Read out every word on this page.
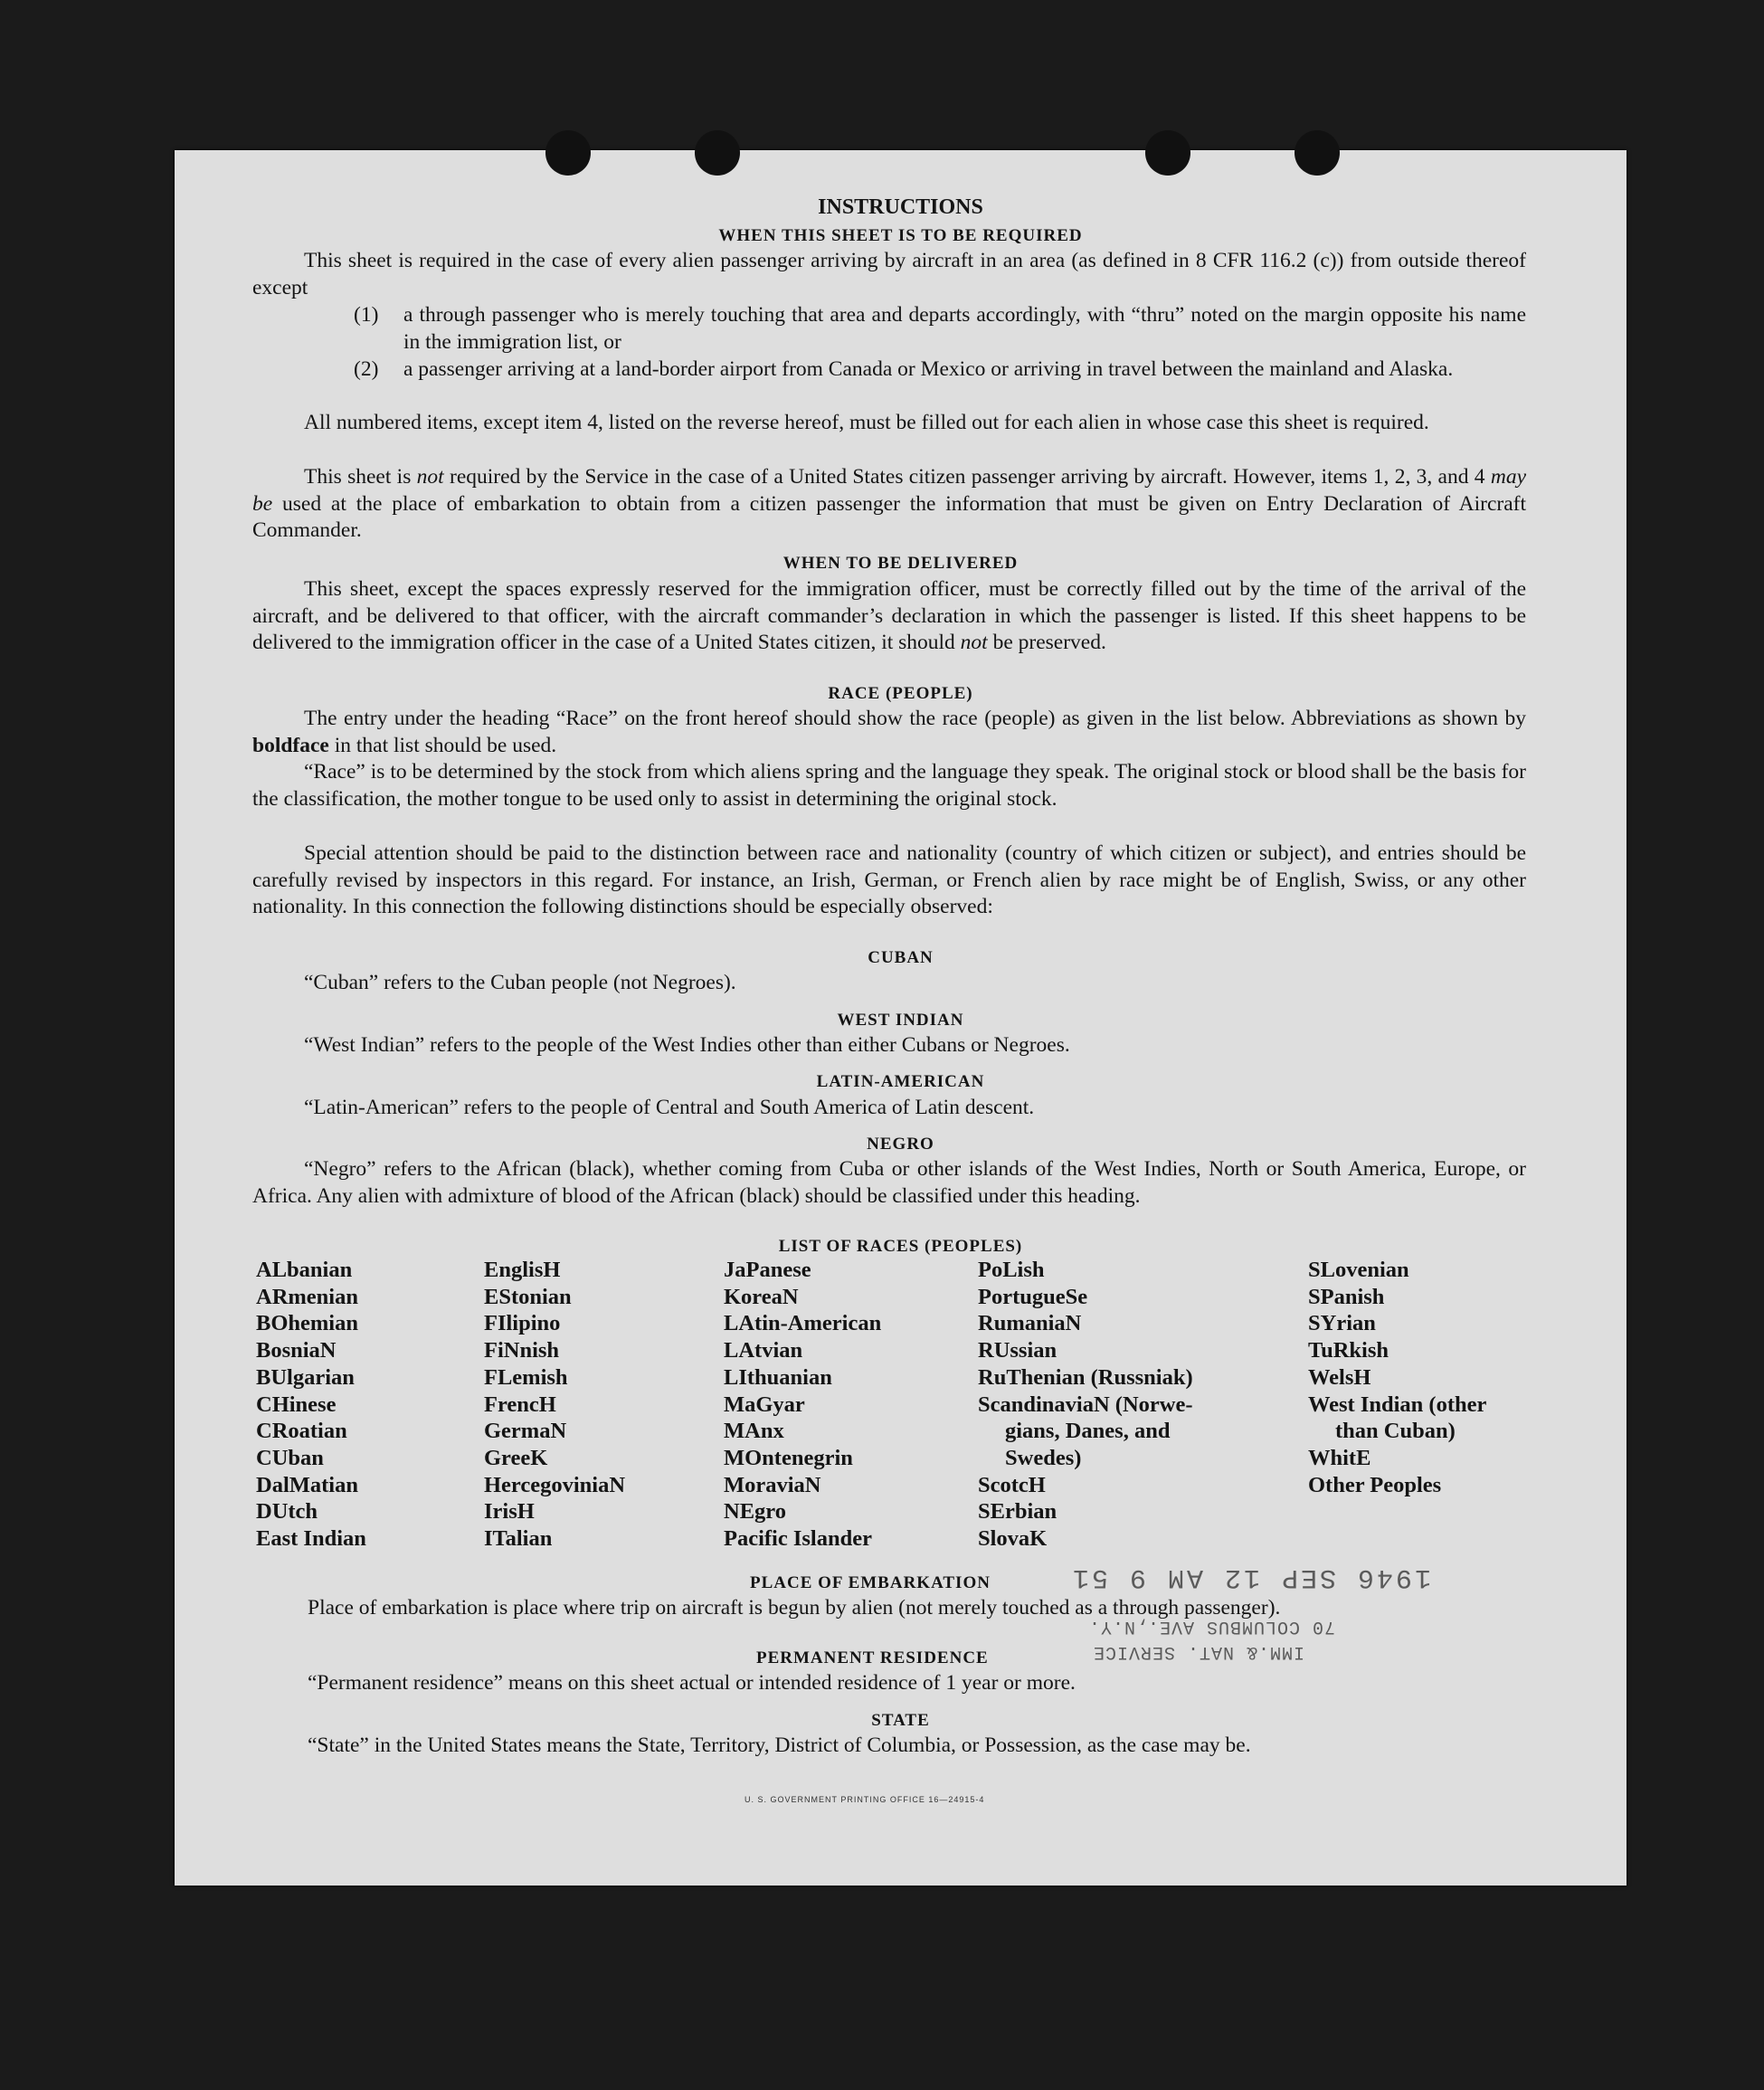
INSTRUCTIONS
WHEN THIS SHEET IS TO BE REQUIRED

This sheet is required in the case of every alien passenger arriving by aircraft in an area (as defined in 8 CFR 116.2 (c)) from outside thereof except

(1) a through passenger who is merely touching that area and departs accordingly, with “thru” noted on the margin opposite his name in the immigration list, or
(2) a passenger arriving at a land-border airport from Canada or Mexico or arriving in travel between the mainland and Alaska.

All numbered items, except item 4, listed on the reverse hereof, must be filled out for each alien in whose case this sheet is required.

This sheet is not required by the Service in the case of a United States citizen passenger arriving by aircraft. However, items 1, 2, 3, and 4 may be used at the place of embarkation to obtain from a citizen passenger the information that must be given on Entry Declaration of Aircraft Commander.

WHEN TO BE DELIVERED

This sheet, except the spaces expressly reserved for the immigration officer, must be correctly filled out by the time of the arrival of the aircraft, and be delivered to that officer, with the aircraft commander’s declaration in which the passenger is listed. If this sheet happens to be delivered to the immigration officer in the case of a United States citizen, it should not be preserved.

RACE (PEOPLE)

The entry under the heading “Race” on the front hereof should show the race (people) as given in the list below. Abbreviations as shown by boldface in that list should be used.

“Race” is to be determined by the stock from which aliens spring and the language they speak. The original stock or blood shall be the basis for the classification, the mother tongue to be used only to assist in determining the original stock.

Special attention should be paid to the distinction between race and nationality (country of which citizen or subject), and entries should be carefully revised by inspectors in this regard. For instance, an Irish, German, or French alien by race might be of English, Swiss, or any other nationality. In this connection the following distinctions should be especially observed:

CUBAN

“Cuban” refers to the Cuban people (not Negroes).

WEST INDIAN

“West Indian” refers to the people of the West Indies other than either Cubans or Negroes.

LATIN-AMERICAN

“Latin-American” refers to the people of Central and South America of Latin descent.

NEGRO

“Negro” refers to the African (black), whether coming from Cuba or other islands of the West Indies, North or South America, Europe, or Africa. Any alien with admixture of blood of the African (black) should be classified under this heading.

LIST OF RACES (PEOPLES)
ALbanian
ARmenian
BOhemian
BosniaN
BUlgarian
CHinese
CRoatian
CUban
DalMatian
DUtch
East Indian
EnglisH
EStonian
FIlipino
FiNnish
FLemish
FrencH
GermaN
GreeK
HercegoviniaN
IrisH
ITalian
JaPanese
KoreaN
LAtin-American
LAtvian
LIthuanian
MaGyar
MAnx
MOntenegrin
MoraviaN
NEgro
Pacific Islander
PoLish
PortugueSe
RumaniaN
RUssian
RuThenian (Russniak)
ScandinaviaN (Norwe-
gians, Danes, and
Swedes)
ScotcH
SErbian
SlovaK
SLovenian
SPanish
SYrian
TuRkish
WelsH
West Indian (other
than Cuban)
WhitE
Other Peoples
PLACE OF EMBARKATION

Place of embarkation is place where trip on aircraft is begun by alien (not merely touched as a through passenger).

PERMANENT RESIDENCE

“Permanent residence” means on this sheet actual or intended residence of 1 year or more.

STATE

“State” in the United States means the State, Territory, District of Columbia, or Possession, as the case may be.

1946 SEP 12 AM 9 51
IMM.& NAT. SERVICE
70 COLUMBUS AVE.,N.Y.
U. S. GOVERNMENT PRINTING OFFICE 16—24915-4
